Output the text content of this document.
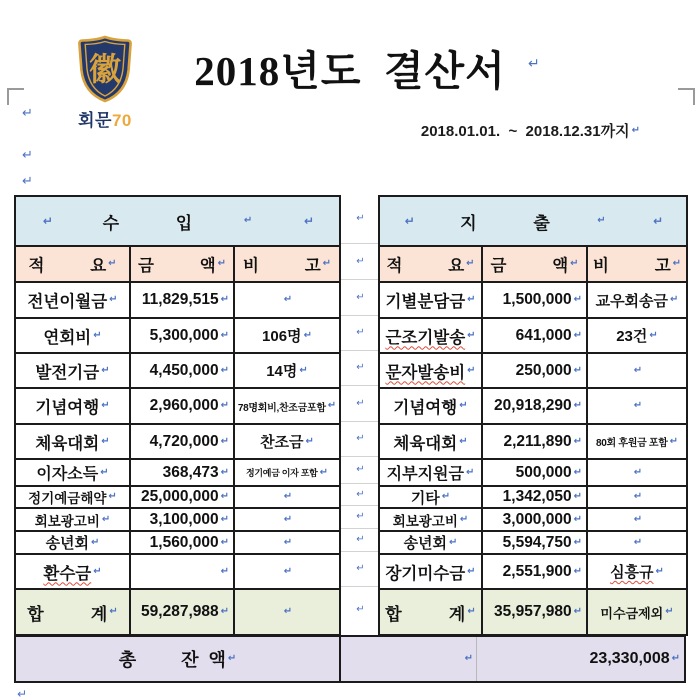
徽
회문70
2018년도  결산서	↵
2018.01.01.  ~  2018.12.31까지
↵
↵
↵
↵
↵
수            입
↵
↵
적          요 ↵ 금          액 ↵ 비          고
↵
전년이월금 ↵ 11,829,515
↵
↵
연회비 ↵	5,300,000 ↵	106명
↵
발전기금 ↵	4,450,000 ↵	14명
↵
기념여행 ↵	2,960,000 ↵ 78명회비,찬조금포함
↵
체육대회 ↵	4,720,000 ↵	찬조금
↵
이자소득 ↵	368,473 ↵	정기예금 이자 포함
↵
정기예금해약 ↵ 25,000,000
↵
↵
회보광고비 ↵	3,100,000
↵
↵
송년회 ↵	1,560,000
↵
↵
환수금
↵
↵
↵
합          계 ↵ 59,287,988
↵
↵
↵
↵
↵
↵
↵
↵
↵
↵
↵
↵
↵
↵
↵
↵
지            출
↵
↵
적          요 ↵ 금          액 ↵ 비          고
↵
기별분담금 ↵ 1,500,000 ↵ 교우회송금
↵
근조기발송 ↵	641,000 ↵	23건
↵
문자발송비 ↵	250,000
↵
↵
기념여행 ↵ 20,918,290
↵
↵
체육대회 ↵	2,211,890 ↵ 80회 후원금 포함
↵
지부지원금 ↵	500,000
↵
↵
기타 ↵	1,342,050
↵
↵
회보광고비 ↵	3,000,000
↵
↵
송년회 ↵	5,594,750
↵
↵
장기미수금 ↵ 2,551,900 ↵	심흥규
↵
합          계 ↵ 35,957,980 ↵ 미수금제외
↵
총         잔  액 ↵ ↵	23,330,008
↵
↵
